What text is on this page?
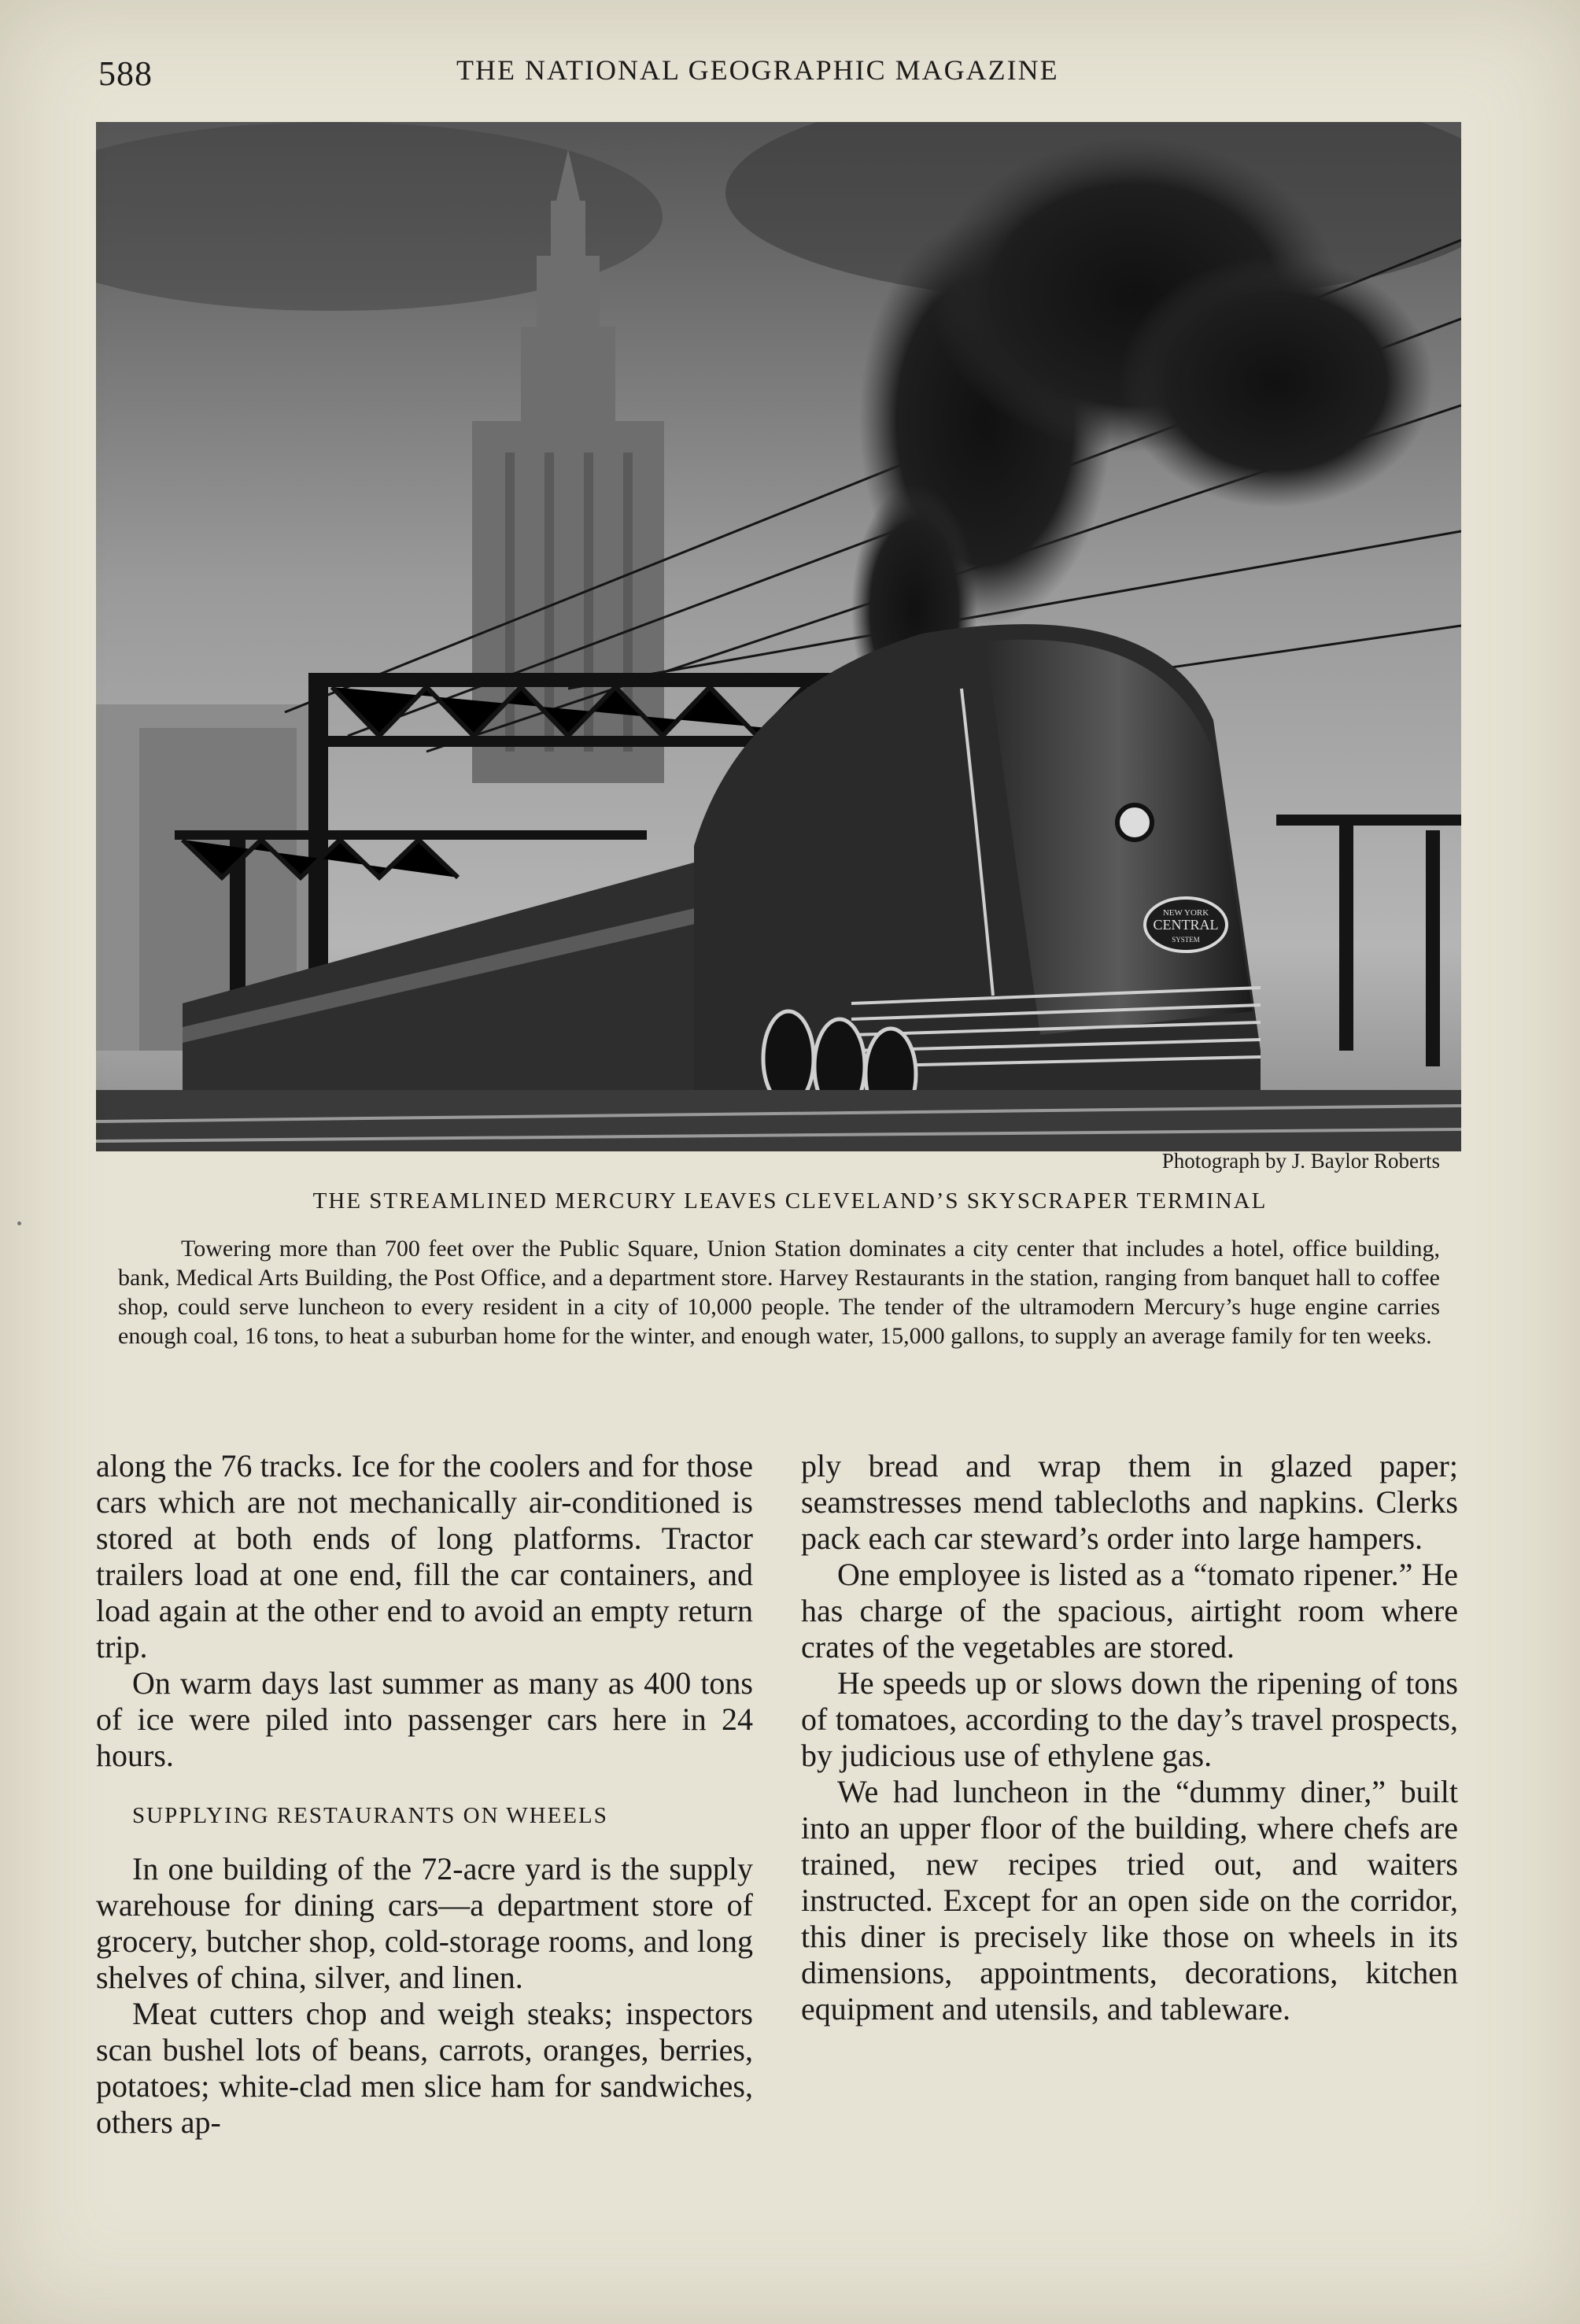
588	THE NATIONAL GEOGRAPHIC MAGAZINE
NEW YORK
CENTRAL
SYSTEM
Photograph by J. Baylor Roberts
THE STREAMLINED MERCURY LEAVES CLEVELAND’S SKYSCRAPER TERMINAL
Towering more than 700 feet over the Public Square, Union Station dominates a city center that includes a hotel, office building, bank, Medical Arts Building, the Post Office, and a department store. Harvey Restaurants in the station, ranging from banquet hall to coffee shop, could serve luncheon to every resident in a city of 10,000 people. The tender of the ultramodern Mercury’s huge engine carries enough coal, 16 tons, to heat a suburban home for the winter, and enough water, 15,000 gallons, to supply an average family for ten weeks.

along the 76 tracks. Ice for the coolers and for those cars which are not mechanically air-conditioned is stored at both ends of long platforms. Tractor trailers load at one end, fill the car containers, and load again at the other end to avoid an empty return trip.

On warm days last summer as many as 400 tons of ice were piled into passenger cars here in 24 hours.

SUPPLYING RESTAURANTS ON WHEELS

In one building of the 72-acre yard is the supply warehouse for dining cars—a department store of grocery, butcher shop, cold-storage rooms, and long shelves of china, silver, and linen.

Meat cutters chop and weigh steaks; inspectors scan bushel lots of beans, carrots, oranges, berries, potatoes; white-clad men slice ham for sandwiches, others ap-

ply bread and wrap them in glazed paper; seamstresses mend tablecloths and napkins. Clerks pack each car steward’s order into large hampers.

One employee is listed as a “tomato ripener.” He has charge of the spacious, airtight room where crates of the vegetables are stored.

He speeds up or slows down the ripening of tons of tomatoes, according to the day’s travel prospects, by judicious use of ethylene gas.

We had luncheon in the “dummy diner,” built into an upper floor of the building, where chefs are trained, new recipes tried out, and waiters instructed. Except for an open side on the corridor, this diner is precisely like those on wheels in its dimensions, appointments, decorations, kitchen equipment and utensils, and tableware.
